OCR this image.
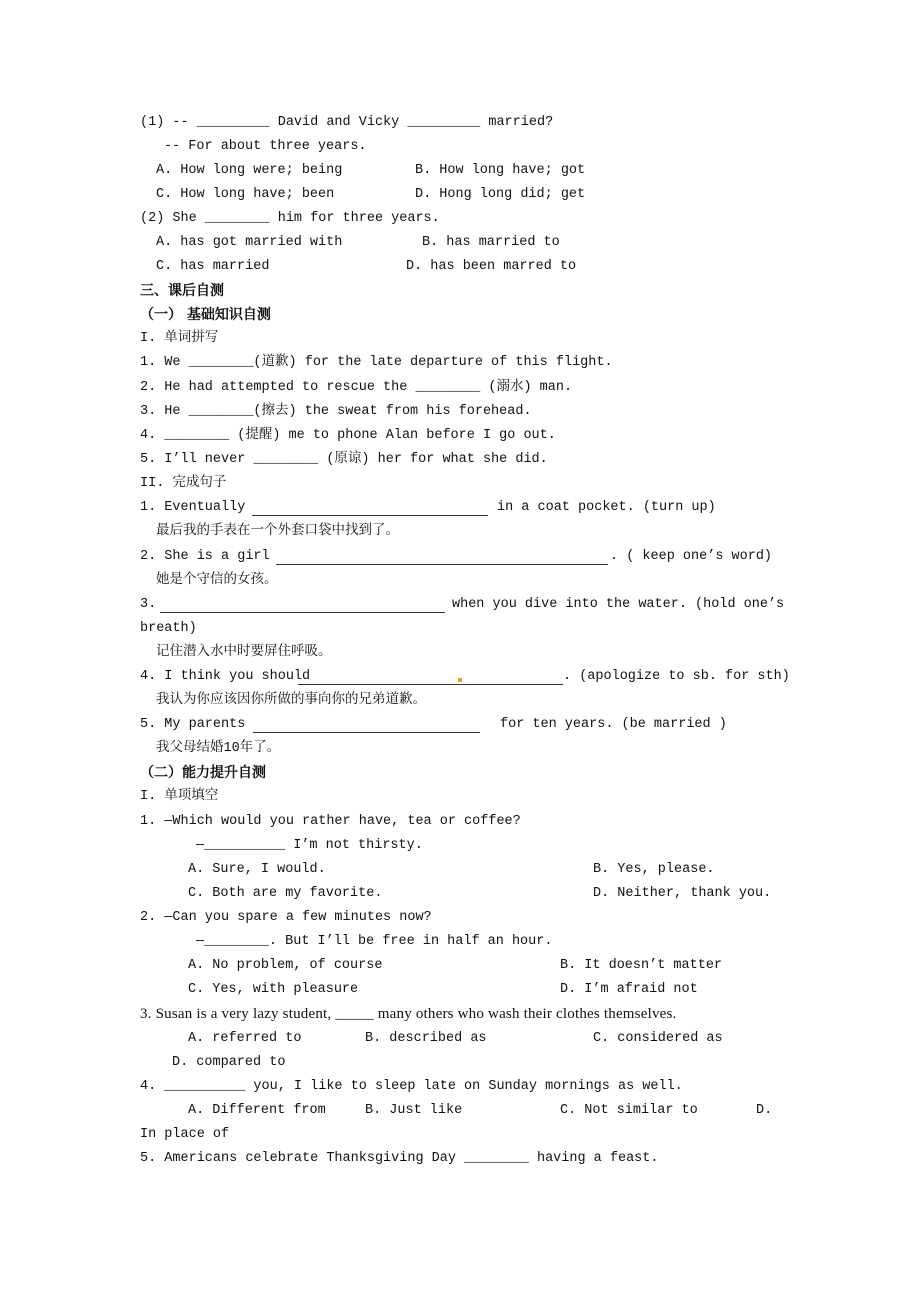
(1) -- _________ David and Vicky _________ married?
-- For about three years.
A. How long were; being	B. How long have; got
C. How long have; been	D. Hong long did; get
(2) She ________ him for three years.
A. has got married with	B. has married to
C. has married	D. has been marred to
三、课后自测
（一） 基础知识自测
I. 单词拼写
1. We ________(道歉) for the late departure of this flight.
2. He had attempted to rescue the ________ (溺水) man.
3. He ________(擦去) the sweat from his forehead.
4. ________ (提醒) me to phone Alan before I go out.
5. I’ll never ________ (原谅) her for what she did.
II. 完成句子
1. Eventually	in a coat pocket. (turn up)
最后我的手表在一个外套口袋中找到了。
2. She is a girl	. ( keep one’s word)
她是个守信的女孩。
3.	when you dive into the water. (hold one’s
breath)
记住潜入水中时要屏住呼吸。
4. I think you should	. (apologize to sb. for sth)
我认为你应该因你所做的事向你的兄弟道歉。
5. My parents	for ten years. (be married )
我父母结婚10年了。
（二）能力提升自测
I. 单项填空
1. —Which would you rather have, tea or coffee?
—__________ I’m not thirsty.
A. Sure, I would.	B. Yes, please.
C. Both are my favorite.	D. Neither, thank you.
2. —Can you spare a few minutes now?
—________. But I’ll be free in half an hour.
A. No problem, of course	B. It doesn’t matter
C. Yes, with pleasure	D. I’m afraid not
3. Susan is a very lazy student, _____ many others who wash their clothes themselves.
A. referred to	B. described as	C. considered as
D. compared to
4. __________ you, I like to sleep late on Sunday mornings as well.
A. Different from	B. Just like	C. Not similar to	D.
In place of
5. Americans celebrate Thanksgiving Day ________ having a feast.
